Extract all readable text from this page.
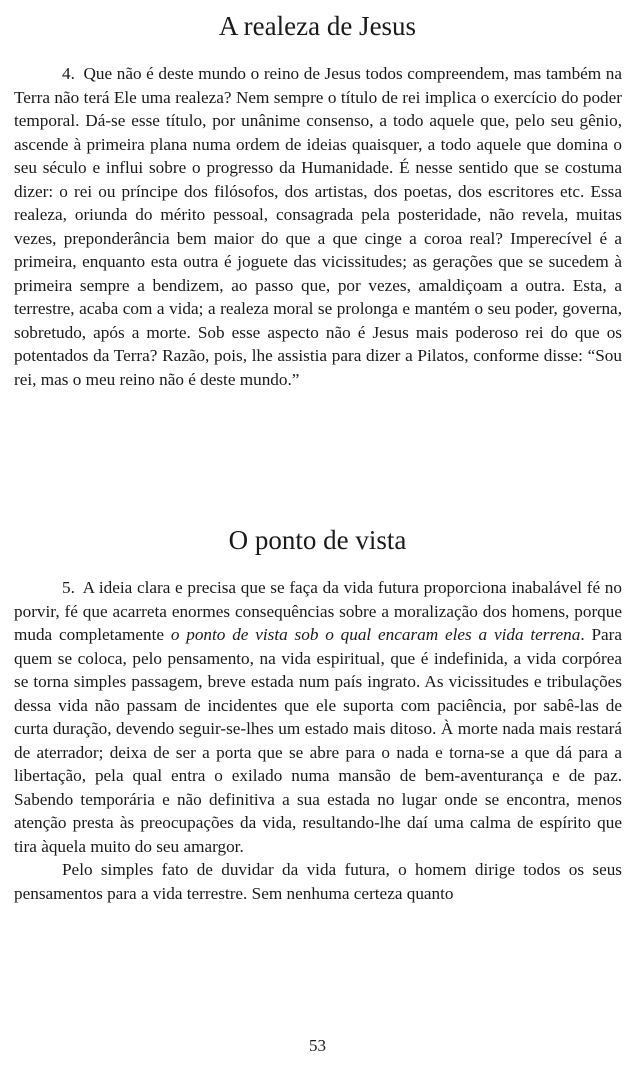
A realeza de Jesus

4. Que não é deste mundo o reino de Jesus todos compreendem, mas também na Terra não terá Ele uma realeza? Nem sempre o título de rei implica o exercício do poder temporal. Dá-se esse título, por unânime consenso, a todo aquele que, pelo seu gênio, ascende à primeira plana numa ordem de ideias quaisquer, a todo aquele que domina o seu século e influi sobre o progresso da Humanidade. É nesse sentido que se costuma dizer: o rei ou príncipe dos filósofos, dos artistas, dos poetas, dos escritores etc. Essa realeza, oriunda do mérito pessoal, consagrada pela posteridade, não revela, muitas vezes, preponderância bem maior do que a que cinge a coroa real? Imperecível é a primeira, enquanto esta outra é joguete das vicissitudes; as gerações que se sucedem à primeira sempre a bendizem, ao passo que, por vezes, amaldiçoam a outra. Esta, a terrestre, acaba com a vida; a realeza moral se prolonga e mantém o seu poder, governa, sobretudo, após a morte. Sob esse aspecto não é Jesus mais poderoso rei do que os potentados da Terra? Razão, pois, lhe assistia para dizer a Pilatos, conforme disse: “Sou rei, mas o meu reino não é deste mundo.”

O ponto de vista

5. A ideia clara e precisa que se faça da vida futura proporciona inabalável fé no porvir, fé que acarreta enormes consequências sobre a moralização dos homens, porque muda completamente o ponto de vista sob o qual encaram eles a vida terrena. Para quem se coloca, pelo pensamento, na vida espiritual, que é indefinida, a vida corpórea se torna simples passagem, breve estada num país ingrato. As vicissitudes e tribulações dessa vida não passam de incidentes que ele suporta com paciência, por sabê-las de curta duração, devendo seguir-se-lhes um estado mais ditoso. À morte nada mais restará de aterrador; deixa de ser a porta que se abre para o nada e torna-se a que dá para a libertação, pela qual entra o exilado numa mansão de bem-aventurança e de paz. Sabendo temporária e não definitiva a sua estada no lugar onde se encontra, menos atenção presta às preocupações da vida, resultando-lhe daí uma calma de espírito que tira àquela muito do seu amargor.

Pelo simples fato de duvidar da vida futura, o homem dirige todos os seus pensamentos para a vida terrestre. Sem nenhuma certeza quanto

53
